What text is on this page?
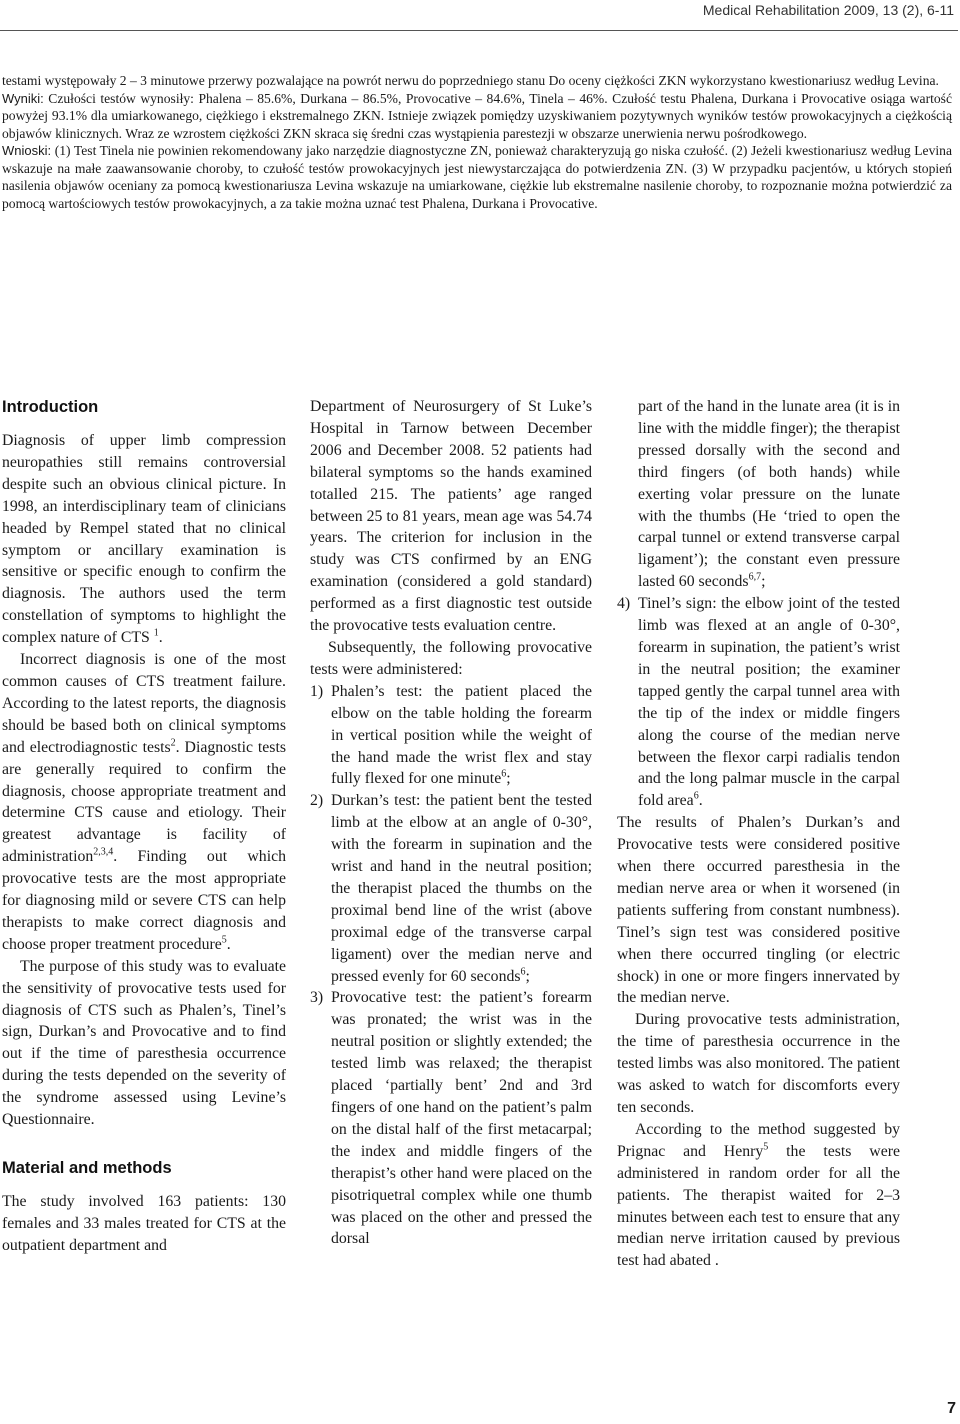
Medical Rehabilitation 2009, 13 (2), 6-11
testami występowały 2 – 3 minutowe przerwy pozwalające na powrót nerwu do poprzedniego stanu Do oceny ciężkości ZKN wykorzystano kwestionariusz według Levina.
Wyniki: Czułości testów wynosiły: Phalena – 85.6%, Durkana – 86.5%, Provocative – 84.6%, Tinela – 46%. Czułość testu Phalena, Durkana i Provocative osiąga wartość powyżej 93.1% dla umiarkowanego, ciężkiego i ekstremalnego ZKN. Istnieje związek pomiędzy uzyskiwaniem pozytywnych wyników testów prowokacyjnych a ciężkością objawów klinicznych. Wraz ze wzrostem ciężkości ZKN skraca się średni czas wystąpienia parestezji w obszarze unerwienia nerwu pośrodkowego.
Wnioski: (1) Test Tinela nie powinien rekomendowany jako narzędzie diagnostyczne ZN, ponieważ charakteryzują go niska czułość. (2) Jeżeli kwestionariusz według Levina wskazuje na małe zaawansowanie choroby, to czułość testów prowokacyjnych jest niewystarczająca do potwierdzenia ZN. (3) W przypadku pacjentów, u których stopień nasilenia objawów oceniany za pomocą kwestionariusza Levina wskazuje na umiarkowane, ciężkie lub ekstremalne nasilenie choroby, to rozpoznanie można potwierdzić za pomocą wartościowych testów prowokacyjnych, a za takie można uznać test Phalena, Durkana i Provocative.
Introduction

Diagnosis of upper limb compression neuropathies still remains controversial despite such an obvious clinical picture. In 1998, an interdisciplinary team of clinicians headed by Rempel stated that no clinical symptom or ancillary examination is sensitive or specific enough to confirm the diagnosis. The authors used the term constellation of symptoms to highlight the complex nature of CTS $^1$.

Incorrect diagnosis is one of the most common causes of CTS treatment failure. According to the latest reports, the diagnosis should be based both on clinical symptoms and electrodiagnostic tests$^2$. Diagnostic tests are generally required to confirm the diagnosis, choose appropriate treatment and determine CTS cause and etiology. Their greatest advantage is facility of administration$^{2,3,4}$. Finding out which provocative tests are the most appropriate for diagnosing mild or severe CTS can help therapists to make correct diagnosis and choose proper treatment procedure$^5$.

The purpose of this study was to evaluate the sensitivity of provocative tests used for diagnosis of CTS such as Phalen’s, Tinel’s sign, Durkan’s and Provocative and to find out if the time of paresthesia occurrence during the tests depended on the severity of the syndrome assessed using Levine’s Questionnaire.

Material and methods

The study involved 163 patients: 130 females and 33 males treated for CTS at the outpatient department and

Department of Neurosurgery of St Luke’s Hospital in Tarnow between December 2006 and December 2008. 52 patients had bilateral symptoms so the hands examined totalled 215. The patients’ age ranged between 25 to 81 years, mean age was 54.74 years. The criterion for inclusion in the study was CTS confirmed by an ENG examination (considered a gold standard) performed as a first diagnostic test outside the provocative tests evaluation centre.

Subsequently, the following provocative tests were administered:

1) Phalen’s test: the patient placed the elbow on the table holding the forearm in vertical position while the weight of the hand made the wrist flex and stay fully flexed for one minute$^6$;
2) Durkan’s test: the patient bent the tested limb at the elbow at an angle of 0-30°, with the forearm in supination and the wrist and hand in the neutral position; the therapist placed the thumbs on the proximal bend line of the wrist (above proximal edge of the transverse carpal ligament) over the median nerve and pressed evenly for 60 seconds$^6$;
3) Provocative test: the patient’s forearm was pronated; the wrist was in the neutral position or slightly extended; the tested limb was relaxed; the therapist placed ‘partially bent’ 2nd and 3rd fingers of one hand on the patient’s palm on the distal half of the first metacarpal; the index and middle fingers of the therapist’s other hand were placed on the pisotriquetral complex while one thumb was placed on the other and pressed the dorsal
part of the hand in the lunate area (it is in line with the middle finger); the therapist pressed dorsally with the second and third fingers (of both hands) while exerting volar pressure on the lunate with the thumbs (He ‘tried to open the carpal tunnel or extend transverse carpal ligament’); the constant even pressure lasted 60 seconds$^{6,7}$;
4) Tinel’s sign: the elbow joint of the tested limb was flexed at an angle of 0-30°, forearm in supination, the patient’s wrist in the neutral position; the examiner tapped gently the carpal tunnel area with the tip of the index or middle fingers along the course of the median nerve between the flexor carpi radialis tendon and the long palmar muscle in the carpal fold area$^6$.

The results of Phalen’s Durkan’s and Provocative tests were considered positive when there occurred paresthesia in the median nerve area or when it worsened (in patients suffering from constant numbness). Tinel’s sign test was considered positive when there occurred tingling (or electric shock) in one or more fingers innervated by the median nerve.

During provocative tests administration, the time of paresthesia occurrence in the tested limbs was also monitored. The patient was asked to watch for discomforts every ten seconds.

According to the method suggested by Prignac and Henry$^5$ the tests were administered in random order for all the patients. The therapist waited for 2–3 minutes between each test to ensure that any median nerve irritation caused by previous test had abated .

7
